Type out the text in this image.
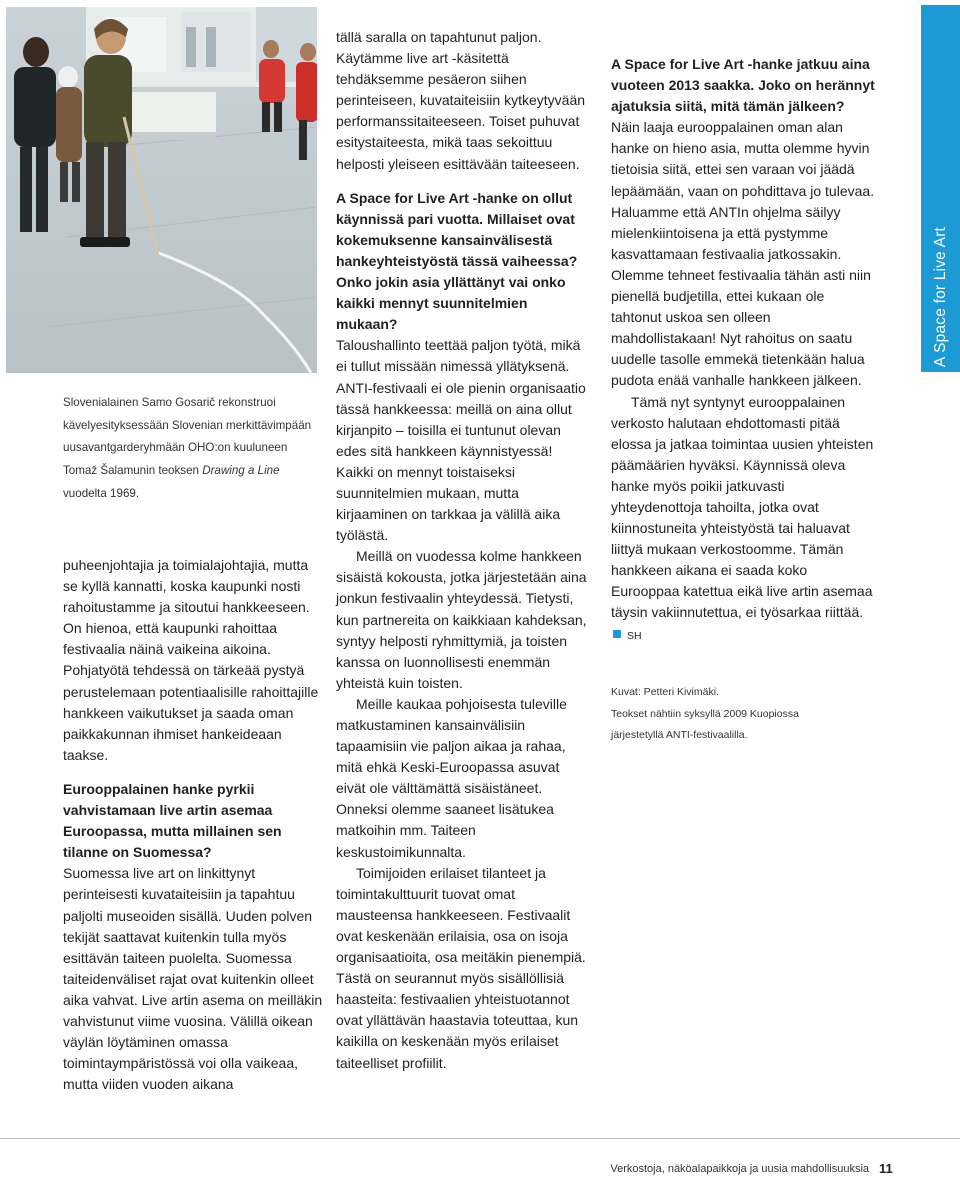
Slovenialainen Samo Gosarič rekonstruoi

kävelyesityksessään Slovenian merkittävimpään

uusavantgarderyhmään OHO:on kuuluneen

Tomaž Šalamunin teoksen Drawing a Line

vuodelta 1969.

puheenjohtajia ja toimialajohtajia, mutta se kyllä kannatti, koska kaupunki nosti rahoitustamme ja sitoutui hankkeeseen. On hienoa, että kaupunki rahoittaa festivaalia näinä vaikeina aikoina. Pohjatyötä tehdessä on tärkeää pystyä perustelemaan potentiaalisille rahoittajille hankkeen vaikutukset ja saada oman paikkakunnan ihmiset hankeideaan taakse.

Eurooppalainen hanke pyrkii vahvistamaan live artin asemaa Euroopassa, mutta millainen sen tilanne on Suomessa?

Suomessa live art on linkittynyt perinteisesti kuvataiteisiin ja tapahtuu paljolti museoiden sisällä. Uuden polven tekijät saattavat kuitenkin tulla myös esittävän taiteen puolelta. Suomessa taiteidenväliset rajat ovat kuitenkin olleet aika vahvat. Live artin asema on meilläkin vahvistunut viime vuosina. Välillä oikean väylän löytäminen omassa toimintaympäristössä voi olla vaikeaa, mutta viiden vuoden aikana

tällä saralla on tapahtunut paljon. Käytämme live art -käsitettä tehdäksemme pesäeron siihen perinteiseen, kuvataiteisiin kytkeytyvään performanssitaiteeseen. Toiset puhuvat esitystaiteesta, mikä taas sekoittuu helposti yleiseen esittävään taiteeseen.

A Space for Live Art -hanke on ollut käynnissä pari vuotta. Millaiset ovat kokemuksenne kansainvälisestä hankeyhteistyöstä tässä vaiheessa? Onko jokin asia yllättänyt vai onko kaikki mennyt suunnitelmien mukaan?

Taloushallinto teettää paljon työtä, mikä ei tullut missään nimessä yllätyksenä. ANTI-festivaali ei ole pienin organisaatio tässä hankkeessa: meillä on aina ollut kirjanpito – toisilla ei tuntunut olevan edes sitä hankkeen käynnistyessä! Kaikki on mennyt toistaiseksi suunnitelmien mukaan, mutta kirjaaminen on tarkkaa ja välillä aika työlästä.

Meillä on vuodessa kolme hankkeen sisäistä kokousta, jotka järjestetään aina jonkun festivaalin yhteydessä. Tietysti, kun partnereita on kaikkiaan kahdeksan, syntyy helposti ryhmittymiä, ja toisten kanssa on luonnollisesti enemmän yhteistä kuin toisten.

Meille kaukaa pohjoisesta tuleville matkustaminen kansainvälisiin tapaamisiin vie paljon aikaa ja rahaa, mitä ehkä Keski-Euroopassa asuvat eivät ole välttämättä sisäistäneet. Onneksi olemme saaneet lisätukea matkoihin mm. Taiteen keskustoimikunnalta.

Toimijoiden erilaiset tilanteet ja toimintakulttuurit tuovat omat mausteensa hankkeeseen. Festivaalit ovat keskenään erilaisia, osa on isoja organisaatioita, osa meitäkin pienempiä. Tästä on seurannut myös sisällöllisiä haasteita: festivaalien yhteistuotannot ovat yllättävän haastavia toteuttaa, kun kaikilla on keskenään myös erilaiset taiteelliset profiilit.

A Space for Live Art -hanke jatkuu aina vuoteen 2013 saakka. Joko on herännyt ajatuksia siitä, mitä tämän jälkeen?

Näin laaja eurooppalainen oman alan hanke on hieno asia, mutta olemme hyvin tietoisia siitä, ettei sen varaan voi jäädä lepäämään, vaan on pohdittava jo tulevaa. Haluamme että ANTIn ohjelma säilyy mielenkiintoisena ja että pystymme kasvattamaan festivaalia jatkossakin. Olemme tehneet festivaalia tähän asti niin pienellä budjetilla, ettei kukaan ole tahtonut uskoa sen olleen mahdollistakaan! Nyt rahoitus on saatu uudelle tasolle emmekä tietenkään halua pudota enää vanhalle hankkeen jälkeen.

Tämä nyt syntynyt eurooppalainen verkosto halutaan ehdottomasti pitää elossa ja jatkaa toimintaa uusien yhteisten päämäärien hyväksi. Käynnissä oleva hanke myös poikii jatkuvasti yhteydenottoja tahoilta, jotka ovat kiinnostuneita yhteistyöstä tai haluavat liittyä mukaan verkostoomme. Tämän hankkeen aikana ei saada koko Eurooppaa katettua eikä live artin asemaa täysin vakiinnutettua, ei työsarkaa riittää.SH

Kuvat: Petteri Kivimäki.

Teokset nähtiin syksyllä 2009 Kuopiossa

järjestetyllä ANTI-festivaalilla.

A Space for Live Art
Verkostoja, näköalapaikkoja ja uusia mahdollisuuksia 11
